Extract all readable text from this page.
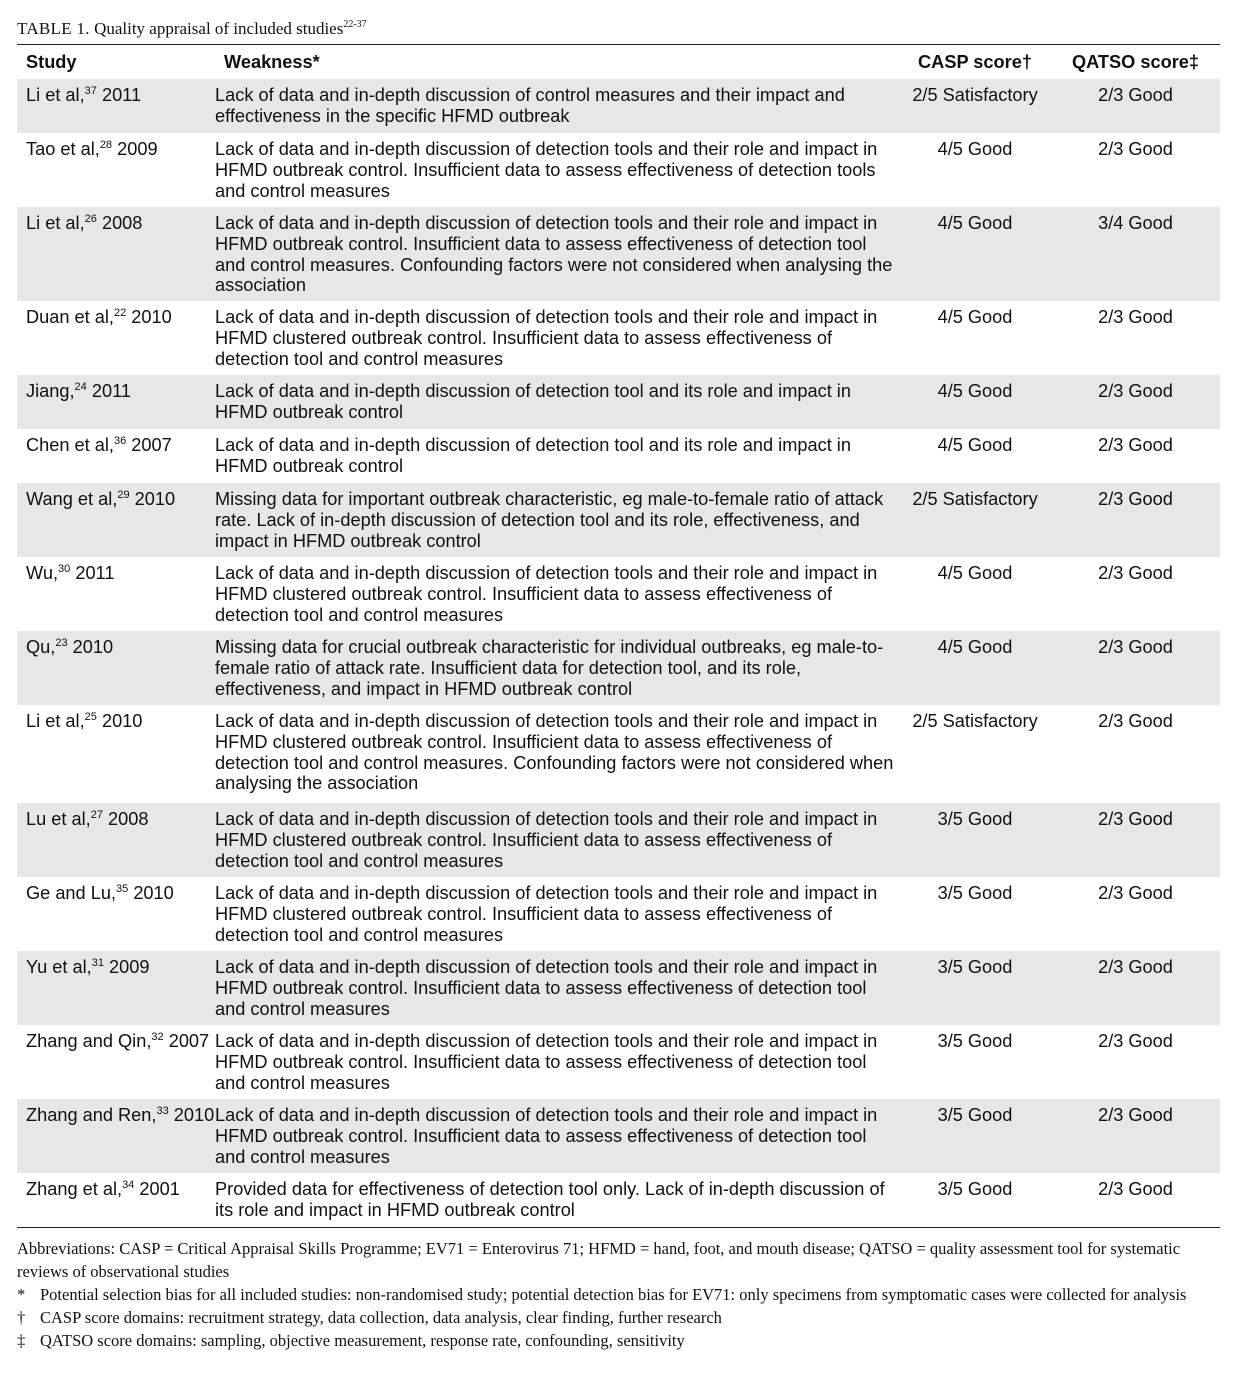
TABLE 1. Quality appraisal of included studies$^{22-37}$
Study	Weakness*	CASP score†	QATSO score‡
Li et al,$^{37}$ 2011	Lack of data and in-depth discussion of control measures and their impact and effectiveness in the specific HFMD outbreak	2/5 Satisfactory	2/3 Good
Tao et al,$^{28}$ 2009	Lack of data and in-depth discussion of detection tools and their role and impact in HFMD outbreak control. Insufficient data to assess effectiveness of detection tools and control measures	4/5 Good	2/3 Good
Li et al,$^{26}$ 2008	Lack of data and in-depth discussion of detection tools and their role and impact in HFMD outbreak control. Insufficient data to assess effectiveness of detection tool and control measures. Confounding factors were not considered when analysing the association	4/5 Good	3/4 Good
Duan et al,$^{22}$ 2010	Lack of data and in-depth discussion of detection tools and their role and impact in HFMD clustered outbreak control. Insufficient data to assess effectiveness of detection tool and control measures	4/5 Good	2/3 Good
Jiang,$^{24}$ 2011	Lack of data and in-depth discussion of detection tool and its role and impact in HFMD outbreak control	4/5 Good	2/3 Good
Chen et al,$^{36}$ 2007	Lack of data and in-depth discussion of detection tool and its role and impact in HFMD outbreak control	4/5 Good	2/3 Good
Wang et al,$^{29}$ 2010	Missing data for important outbreak characteristic, eg male-to-female ratio of attack rate. Lack of in-depth discussion of detection tool and its role, effectiveness, and impact in HFMD outbreak control	2/5 Satisfactory	2/3 Good
Wu,$^{30}$ 2011	Lack of data and in-depth discussion of detection tools and their role and impact in HFMD clustered outbreak control. Insufficient data to assess effectiveness of detection tool and control measures	4/5 Good	2/3 Good
Qu,$^{23}$ 2010	Missing data for crucial outbreak characteristic for individual outbreaks, eg male-to-female ratio of attack rate. Insufficient data for detection tool, and its role, effectiveness, and impact in HFMD outbreak control	4/5 Good	2/3 Good
Li et al,$^{25}$ 2010	Lack of data and in-depth discussion of detection tools and their role and impact in HFMD clustered outbreak control. Insufficient data to assess effectiveness of detection tool and control measures. Confounding factors were not considered when analysing the association	2/5 Satisfactory	2/3 Good
Lu et al,$^{27}$ 2008	Lack of data and in-depth discussion of detection tools and their role and impact in HFMD clustered outbreak control. Insufficient data to assess effectiveness of detection tool and control measures	3/5 Good	2/3 Good
Ge and Lu,$^{35}$ 2010	Lack of data and in-depth discussion of detection tools and their role and impact in HFMD clustered outbreak control. Insufficient data to assess effectiveness of detection tool and control measures	3/5 Good	2/3 Good
Yu et al,$^{31}$ 2009	Lack of data and in-depth discussion of detection tools and their role and impact in HFMD outbreak control. Insufficient data to assess effectiveness of detection tool and control measures	3/5 Good	2/3 Good
Zhang and Qin,$^{32}$ 2007	Lack of data and in-depth discussion of detection tools and their role and impact in HFMD outbreak control. Insufficient data to assess effectiveness of detection tool and control measures	3/5 Good	2/3 Good
Zhang and Ren,$^{33}$ 2010	Lack of data and in-depth discussion of detection tools and their role and impact in HFMD outbreak control. Insufficient data to assess effectiveness of detection tool and control measures	3/5 Good	2/3 Good
Zhang et al,$^{34}$ 2001	Provided data for effectiveness of detection tool only. Lack of in-depth discussion of its role and impact in HFMD outbreak control	3/5 Good	2/3 Good
Abbreviations: CASP = Critical Appraisal Skills Programme; EV71 = Enterovirus 71; HFMD = hand, foot, and mouth disease; QATSO = quality assessment tool for systematic reviews of observational studies
* Potential selection bias for all included studies: non-randomised study; potential detection bias for EV71: only specimens from symptomatic cases were collected for analysis
† CASP score domains: recruitment strategy, data collection, data analysis, clear finding, further research
‡ QATSO score domains: sampling, objective measurement, response rate, confounding, sensitivity
